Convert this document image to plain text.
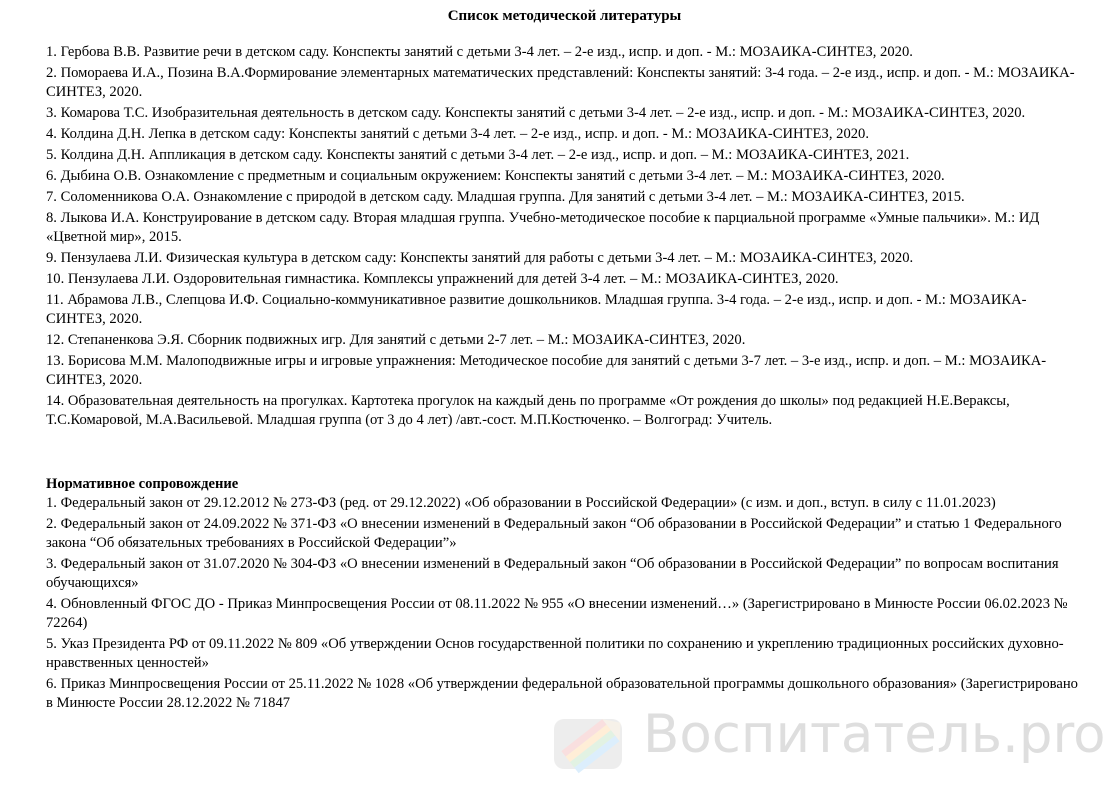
Список методической литературы
1. Гербова В.В. Развитие речи в детском саду. Конспекты занятий с детьми 3-4 лет. – 2-е изд., испр. и доп. - М.: МОЗАИКА-СИНТЕЗ, 2020.
2. Помораева И.А., Позина В.А.Формирование элементарных математических представлений: Конспекты занятий: 3-4 года. – 2-е изд., испр. и доп. - М.: МОЗАИКА-СИНТЕЗ, 2020.
3. Комарова Т.С. Изобразительная деятельность в детском саду. Конспекты занятий с детьми 3-4 лет. – 2-е изд., испр. и доп. - М.: МОЗАИКА-СИНТЕЗ, 2020.
4. Колдина Д.Н. Лепка в детском саду: Конспекты занятий с детьми 3-4 лет. – 2-е изд., испр. и доп. - М.: МОЗАИКА-СИНТЕЗ, 2020.
5. Колдина Д.Н. Аппликация в детском саду. Конспекты занятий с детьми 3-4 лет. – 2-е изд., испр. и доп. – М.: МОЗАИКА-СИНТЕЗ, 2021.
6. Дыбина О.В. Ознакомление с предметным и социальным окружением: Конспекты занятий с детьми 3-4 лет. – М.: МОЗАИКА-СИНТЕЗ, 2020.
7. Соломенникова О.А. Ознакомление с природой в детском саду. Младшая группа. Для занятий с детьми 3-4 лет. – М.: МОЗАИКА-СИНТЕЗ, 2015.
8. Лыкова И.А. Конструирование в детском саду. Вторая младшая группа. Учебно-методическое пособие к парциальной программе «Умные пальчики». М.: ИД «Цветной мир», 2015.
9. Пензулаева Л.И. Физическая культура в детском саду: Конспекты занятий для работы с детьми 3-4 лет. – М.: МОЗАИКА-СИНТЕЗ, 2020.
10. Пензулаева Л.И. Оздоровительная гимнастика. Комплексы упражнений для детей 3-4 лет. – М.: МОЗАИКА-СИНТЕЗ, 2020.
11. Абрамова Л.В., Слепцова И.Ф. Социально-коммуникативное развитие дошкольников. Младшая группа. 3-4 года. – 2-е изд., испр. и доп. - М.: МОЗАИКА-СИНТЕЗ, 2020.
12. Степаненкова Э.Я. Сборник подвижных игр. Для занятий с детьми 2-7 лет. – М.: МОЗАИКА-СИНТЕЗ, 2020.
13. Борисова М.М. Малоподвижные игры и игровые упражнения: Методическое пособие для занятий с детьми 3-7 лет. – 3-е изд., испр. и доп. – М.: МОЗАИКА-СИНТЕЗ, 2020.
14. Образовательная деятельность на прогулках. Картотека прогулок на каждый день по программе «От рождения до школы» под редакцией Н.Е.Вераксы, Т.С.Комаровой, М.А.Васильевой. Младшая группа (от 3 до 4 лет) /авт.-сост. М.П.Костюченко. – Волгоград: Учитель.
Нормативное сопровождение
1. Федеральный закон от 29.12.2012 № 273-ФЗ (ред. от 29.12.2022) «Об образовании в Российской Федерации» (с изм. и доп., вступ. в силу с 11.01.2023)
2. Федеральный закон от 24.09.2022 № 371-ФЗ «О внесении изменений в Федеральный закон “Об образовании в Российской Федерации” и статью 1 Федерального закона “Об обязательных требованиях в Российской Федерации”»
3. Федеральный закон от 31.07.2020 № 304-ФЗ «О внесении изменений в Федеральный закон “Об образовании в Российской Федерации” по вопросам воспитания обучающихся»
4. Обновленный ФГОС ДО - Приказ Минпросвещения России от 08.11.2022 № 955 «О внесении изменений…» (Зарегистрировано в Минюсте России 06.02.2023 № 72264)
5. Указ Президента РФ от 09.11.2022 № 809 «Об утверждении Основ государственной политики по сохранению и укреплению традиционных российских духовно-нравственных ценностей»
6. Приказ Минпросвещения России от 25.11.2022 № 1028 «Об утверждении федеральной образовательной программы дошкольного образования» (Зарегистрировано в Минюсте России 28.12.2022 № 71847
Воспитатель.pro
